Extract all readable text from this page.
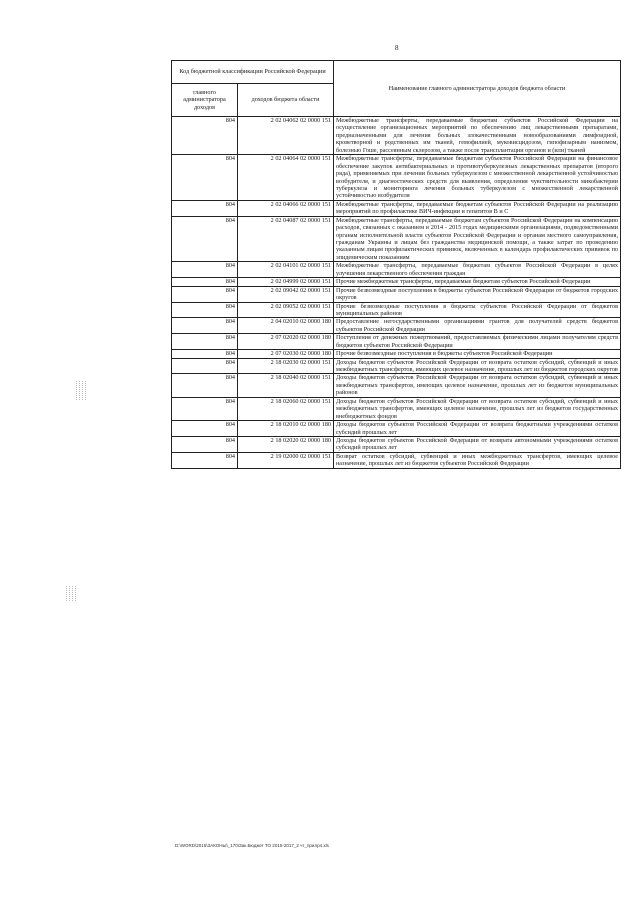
8
Код бюджетной классификации Российской Федерации		Наименование главного администратора доходов бюджета области
главного администратора доходов	доходов бюджета области	
804	2 02 04062 02 0000 151	Межбюджетные трансферты, передаваемые бюджетам субъектов Российской Федерации на осуществление организационных мероприятий по обеспечению лиц лекарственными препаратами, предназначенными для лечения больных злокачественными новообразованиями лимфоидной, кроветворной и родственных им тканей, гемофилией, муковисцидозом, гипофизарным нанизмом, болезнью Гоше, рассеянным склерозом, а также после трансплантации органов и (или) тканей
804	2 02 04064 02 0000 151	Межбюджетные трансферты, передаваемые бюджетам субъектов Российской Федерации на финансовое обеспечение закупок антибактериальных и противотуберкулезных лекарственных препаратов (второго ряда), применяемых при лечении больных туберкулезом с множественной лекарственной устойчивостью возбудителя, и диагностических средств для выявления, определения чувствительности микобактерии туберкулеза и мониторинга лечения больных туберкулезом с множественной лекарственной устойчивостью возбудителя
804	2 02 04066 02 0000 151	Межбюджетные трансферты, передаваемые бюджетам субъектов Российской Федерации на реализацию мероприятий по профилактике ВИЧ-инфекции и гепатитов В и С
804	2 02 04087 02 0000 151	Межбюджетные трансферты, передаваемые бюджетам субъектов Российской Федерации на компенсацию расходов, связанных с оказанием в 2014 - 2015 годах медицинскими организациями, подведомственными органам исполнительной власти субъектов Российской Федерации и органам местного самоуправления, гражданам Украины и лицам без гражданства медицинской помощи, а также затрат по проведению указанным лицам профилактических прививок, включенных в календарь профилактических прививок по эпидемическим показаниям
804	2 02 04101 02 0000 151	Межбюджетные трансферты, передаваемые бюджетам субъектов Российской Федерации в целях улучшения лекарственного обеспечения граждан
804	2 02 04999 02 0000 151	Прочие межбюджетные трансферты, передаваемые бюджетам субъектов Российской Федерации
804	2 02 09042 02 0000 151	Прочие безвозмездные поступления в бюджеты субъектов Российской Федерации от бюджетов городских округов
804	2 02 09052 02 0000 151	Прочие безвозмездные поступления в бюджеты субъектов Российской Федерации от бюджетов муниципальных районов
804	2 04 02010 02 0000 180	Предоставление негосударственными организациями грантов для получателей средств бюджетов субъектов Российской Федерации
804	2 07 02020 02 0000 180	Поступления от денежных пожертвований, предоставляемых физическими лицами получателям средств бюджетов субъектов Российской Федерации
804	2 07 02030 02 0000 180	Прочие безвозмездные поступления в бюджеты субъектов Российской Федерации
804	2 18 02030 02 0000 151	Доходы бюджетов субъектов Российской Федерации от возврата остатков субсидий, субвенций и иных межбюджетных трансфертов, имеющих целевое назначение, прошлых лет из бюджетов городских округов
804	2 18 02040 02 0000 151	Доходы бюджетов субъектов Российской Федерации от возврата остатков субсидий, субвенций и иных межбюджетных трансфертов, имеющих целевое назначение, прошлых лет из бюджетов муниципальных районов
804	2 18 02060 02 0000 151	Доходы бюджетов субъектов Российской Федерации от возврата остатков субсидий, субвенций и иных межбюджетных трансфертов, имеющих целевое назначение, прошлых лет из бюджетов государственных внебюджетных фондов
804	2 18 02010 02 0000 180	Доходы бюджетов субъектов Российской Федерации от возврата бюджетными учреждениями остатков субсидий прошлых лет
804	2 18 02020 02 0000 180	Доходы бюджетов субъектов Российской Федерации от возврата автономными учреждениями остатков субсидий прошлых лет
804	2 19 02000 02 0000 151	Возврат остатков субсидий, субвенций и иных межбюджетных трансфертов, имеющих целевое назначение, прошлых лет из бюджетов субъектов Российской Федерации
D:\WORD\2015\ЗАКОНЫ\_170\Зак.Бюджет ТО 2015-2017_2 чт_прилр4.xls
